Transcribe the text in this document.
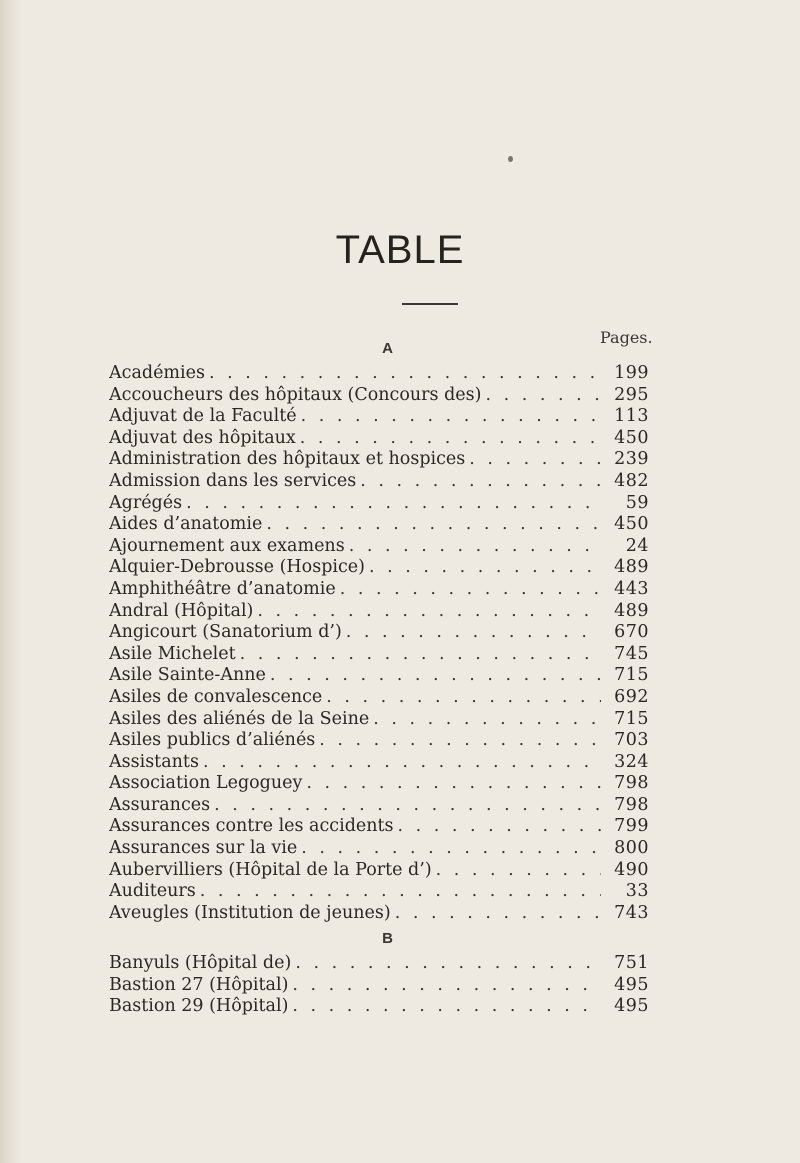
TABLE
Pages.
A
Académies . . .	199
Accoucheurs des hôpitaux (Concours des) . . .	295
Adjuvat de la Faculté . . .	113
Adjuvat des hôpitaux . . .	450
Administration des hôpitaux et hospices . . .	239
Admission dans les services . . .	482
Agrégés . . .	59
Aides d’anatomie . . .	450
Ajournement aux examens . . .	24
Alquier-Debrousse (Hospice) . . .	489
Amphithéâtre d’anatomie . . .	443
Andral (Hôpital) . . .	489
Angicourt (Sanatorium d’) . . .	670
Asile Michelet . . .	745
Asile Sainte-Anne . . .	715
Asiles de convalescence . . .	692
Asiles des aliénés de la Seine . . .	715
Asiles publics d’aliénés . . .	703
Assistants . . .	324
Association Legoguey . . .	798
Assurances . . .	798
Assurances contre les accidents . . .	799
Assurances sur la vie . . .	800
Aubervilliers (Hôpital de la Porte d’) . . .	490
Auditeurs . . .	33
Aveugles (Institution de jeunes) . . .	743
B
Banyuls (Hôpital de) . . .	751
Bastion 27 (Hôpital) . . .	495
Bastion 29 (Hôpital) . . .	495
